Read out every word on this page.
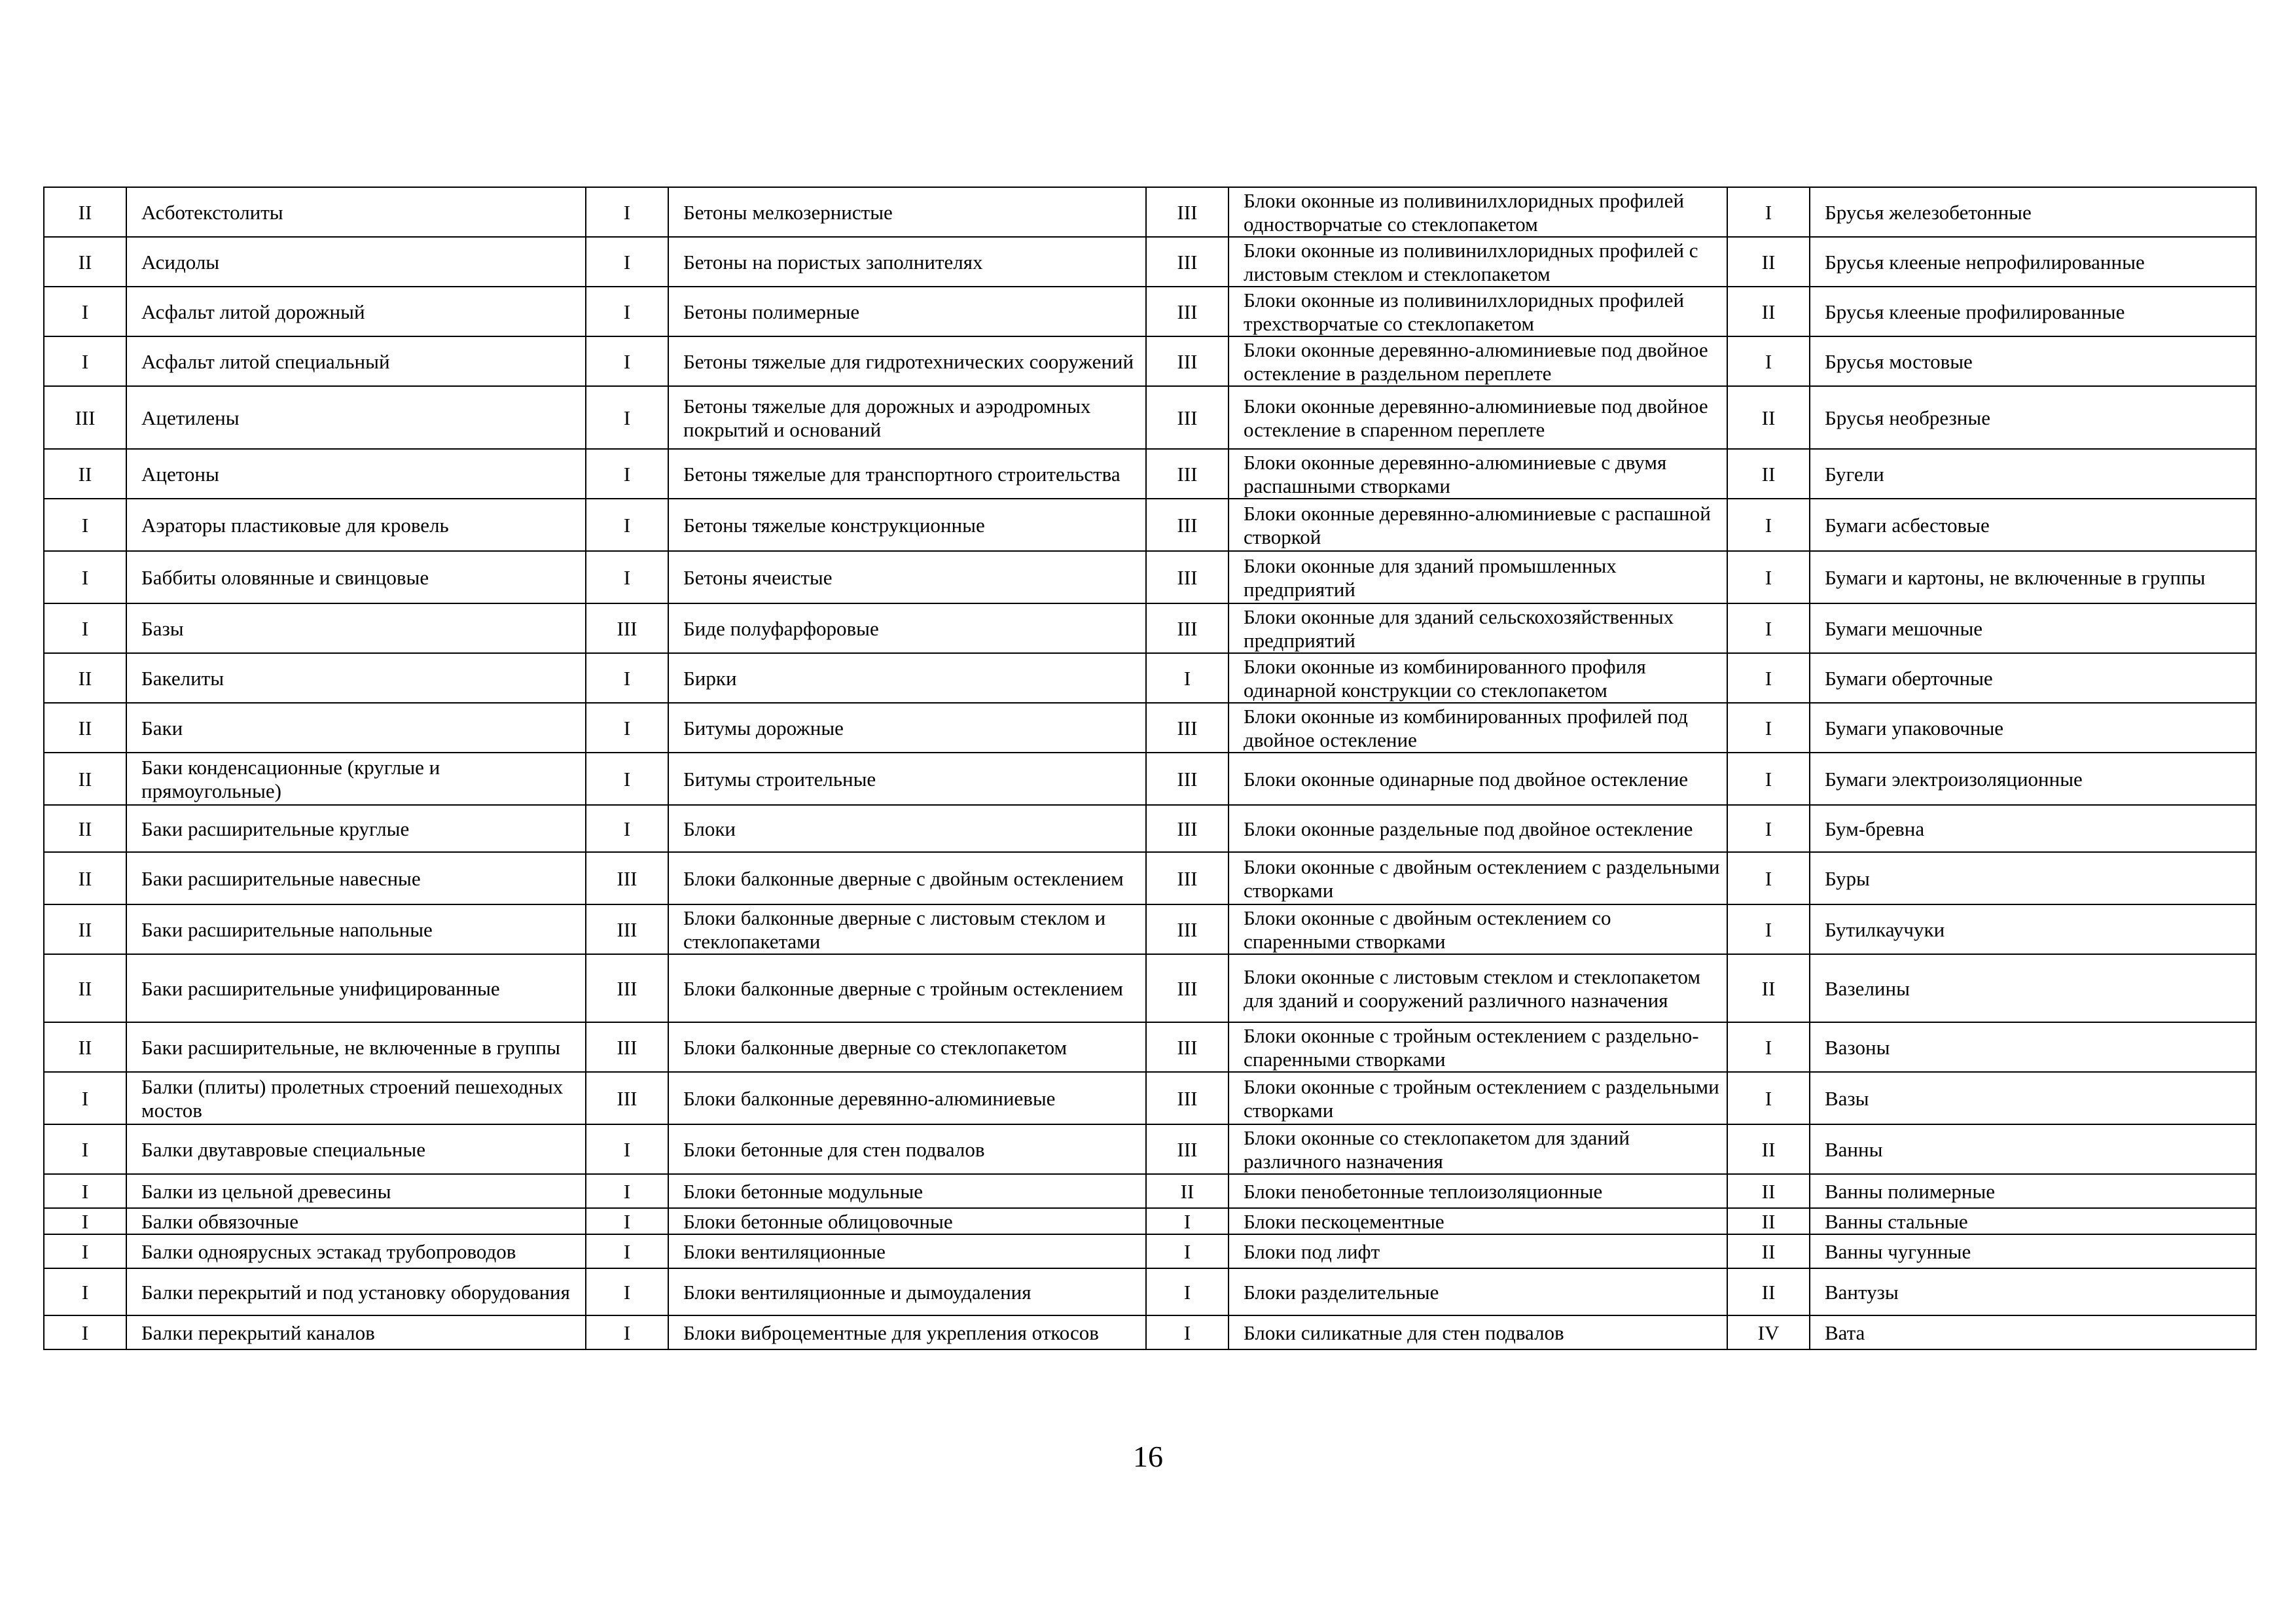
II	Асботекстолиты	I	Бетоны мелкозернистые	III	Блоки оконные из поливинилхлоридных профилей одностворчатые со стеклопакетом	I	Брусья железобетонные
II	Асидолы	I	Бетоны на пористых заполнителях	III	Блоки оконные из поливинилхлоридных профилей с листовым стеклом и стеклопакетом	II	Брусья клееные непрофилированные
I	Асфальт литой дорожный	I	Бетоны полимерные	III	Блоки оконные из поливинилхлоридных профилей трехстворчатые со стеклопакетом	II	Брусья клееные профилированные
I	Асфальт литой специальный	I	Бетоны тяжелые для гидротехнических сооружений	III	Блоки оконные деревянно-алюминиевые под двойное остекление в раздельном переплете	I	Брусья мостовые
III	Ацетилены	I	Бетоны тяжелые для дорожных и аэродромных покрытий и оснований	III	Блоки оконные деревянно-алюминиевые под двойное остекление в спаренном переплете	II	Брусья необрезные
II	Ацетоны	I	Бетоны тяжелые для транспортного строительства	III	Блоки оконные деревянно-алюминиевые с двумя распашными створками	II	Бугели
I	Аэраторы пластиковые для кровель	I	Бетоны тяжелые конструкционные	III	Блоки оконные деревянно-алюминиевые с распашной створкой	I	Бумаги асбестовые
I	Баббиты оловянные и свинцовые	I	Бетоны ячеистые	III	Блоки оконные для зданий промышленных предприятий	I	Бумаги и картоны, не включенные в группы
I	Базы	III	Биде полуфарфоровые	III	Блоки оконные для зданий сельскохозяйственных предприятий	I	Бумаги мешочные
II	Бакелиты	I	Бирки	I	Блоки оконные из комбинированного профиля одинарной конструкции со стеклопакетом	I	Бумаги оберточные
II	Баки	I	Битумы дорожные	III	Блоки оконные из комбинированных профилей под двойное остекление	I	Бумаги упаковочные
II	Баки конденсационные (круглые и прямоугольные)	I	Битумы строительные	III	Блоки оконные одинарные под двойное остекление	I	Бумаги электроизоляционные
II	Баки расширительные круглые	I	Блоки	III	Блоки оконные раздельные под двойное остекление	I	Бум-бревна
II	Баки расширительные навесные	III	Блоки балконные дверные с двойным остеклением	III	Блоки оконные с двойным остеклением с раздельными створками	I	Буры
II	Баки расширительные напольные	III	Блоки балконные дверные с листовым стеклом и стеклопакетами	III	Блоки оконные с двойным остеклением со спаренными створками	I	Бутилкаучуки
II	Баки расширительные унифицированные	III	Блоки балконные дверные с тройным остеклением	III	Блоки оконные с листовым стеклом и стеклопакетом для зданий и сооружений различного назначения	II	Вазелины
II	Баки расширительные, не включенные в группы	III	Блоки балконные дверные со стеклопакетом	III	Блоки оконные с тройным остеклением с раздельно-спаренными створками	I	Вазоны
I	Балки (плиты) пролетных строений пешеходных мостов	III	Блоки балконные деревянно-алюминиевые	III	Блоки оконные с тройным остеклением с раздельными створками	I	Вазы
I	Балки двутавровые специальные	I	Блоки бетонные для стен подвалов	III	Блоки оконные со стеклопакетом для зданий различного назначения	II	Ванны
I	Балки из цельной древесины	I	Блоки бетонные модульные	II	Блоки пенобетонные теплоизоляционные	II	Ванны полимерные
I	Балки обвязочные	I	Блоки бетонные облицовочные	I	Блоки пескоцементные	II	Ванны стальные
I	Балки одноярусных эстакад трубопроводов	I	Блоки вентиляционные	I	Блоки под лифт	II	Ванны чугунные
I	Балки перекрытий и под установку оборудования	I	Блоки вентиляционные и дымоудаления	I	Блоки разделительные	II	Вантузы
I	Балки перекрытий каналов	I	Блоки виброцементные для укрепления откосов	I	Блоки силикатные для стен подвалов	IV	Вата
16
